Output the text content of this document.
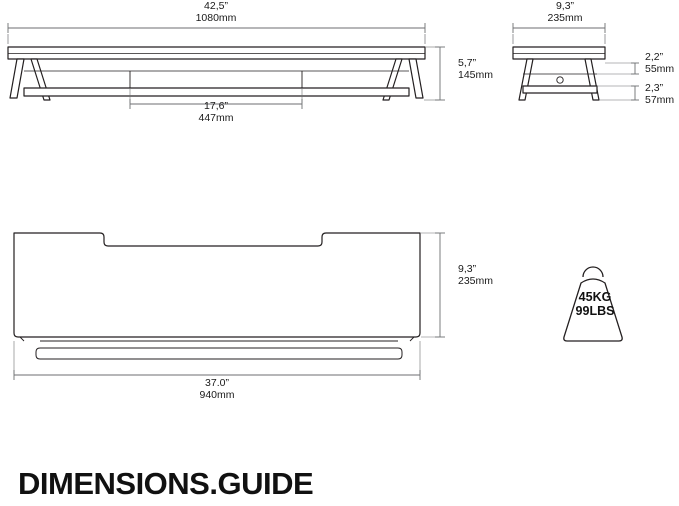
42,5”
1080mm
5,7”
145mm
17,6”
447mm
9,3”
235mm
2,2”
55mm
2,3”
57mm
9,3”
235mm
37.0”
940mm
45KG
99LBS
DIMENSIONS.GUIDE
